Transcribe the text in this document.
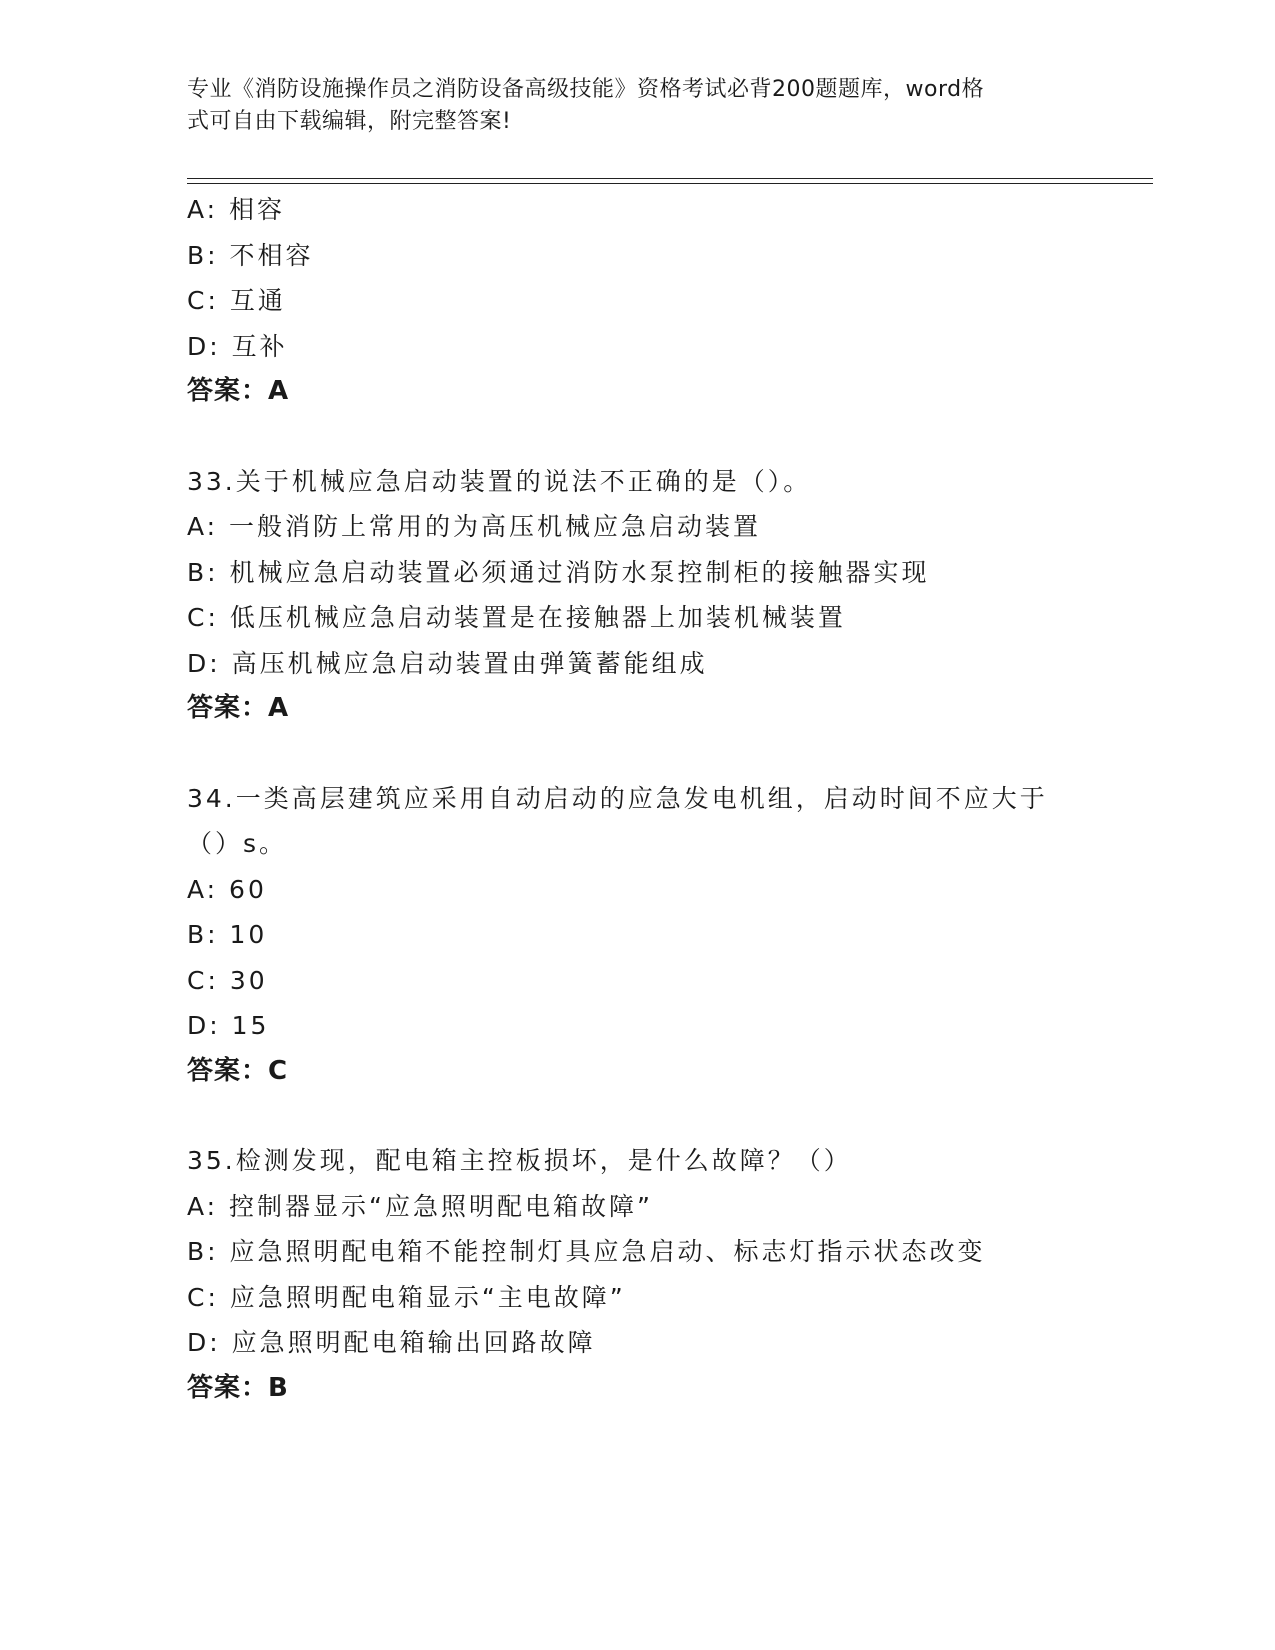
专业《消防设施操作员之消防设备高级技能》资格考试必背200题题库，word格
式可自由下载编辑，附完整答案!
A: 相容
B: 不相容
C: 互通
D: 互补
答案：A
33.关于机械应急启动装置的说法不正确的是（）。
A: 一般消防上常用的为高压机械应急启动装置
B: 机械应急启动装置必须通过消防水泵控制柜的接触器实现
C: 低压机械应急启动装置是在接触器上加装机械装置
D: 高压机械应急启动装置由弹簧蓄能组成
答案：A
34.一类高层建筑应采用自动启动的应急发电机组，启动时间不应大于
（）s。
A: 60
B: 10
C: 30
D: 15
答案：C
35.检测发现，配电箱主控板损坏，是什么故障？（）
A: 控制器显示“应急照明配电箱故障”
B: 应急照明配电箱不能控制灯具应急启动、标志灯指示状态改变
C: 应急照明配电箱显示“主电故障”
D: 应急照明配电箱输出回路故障
答案：B
